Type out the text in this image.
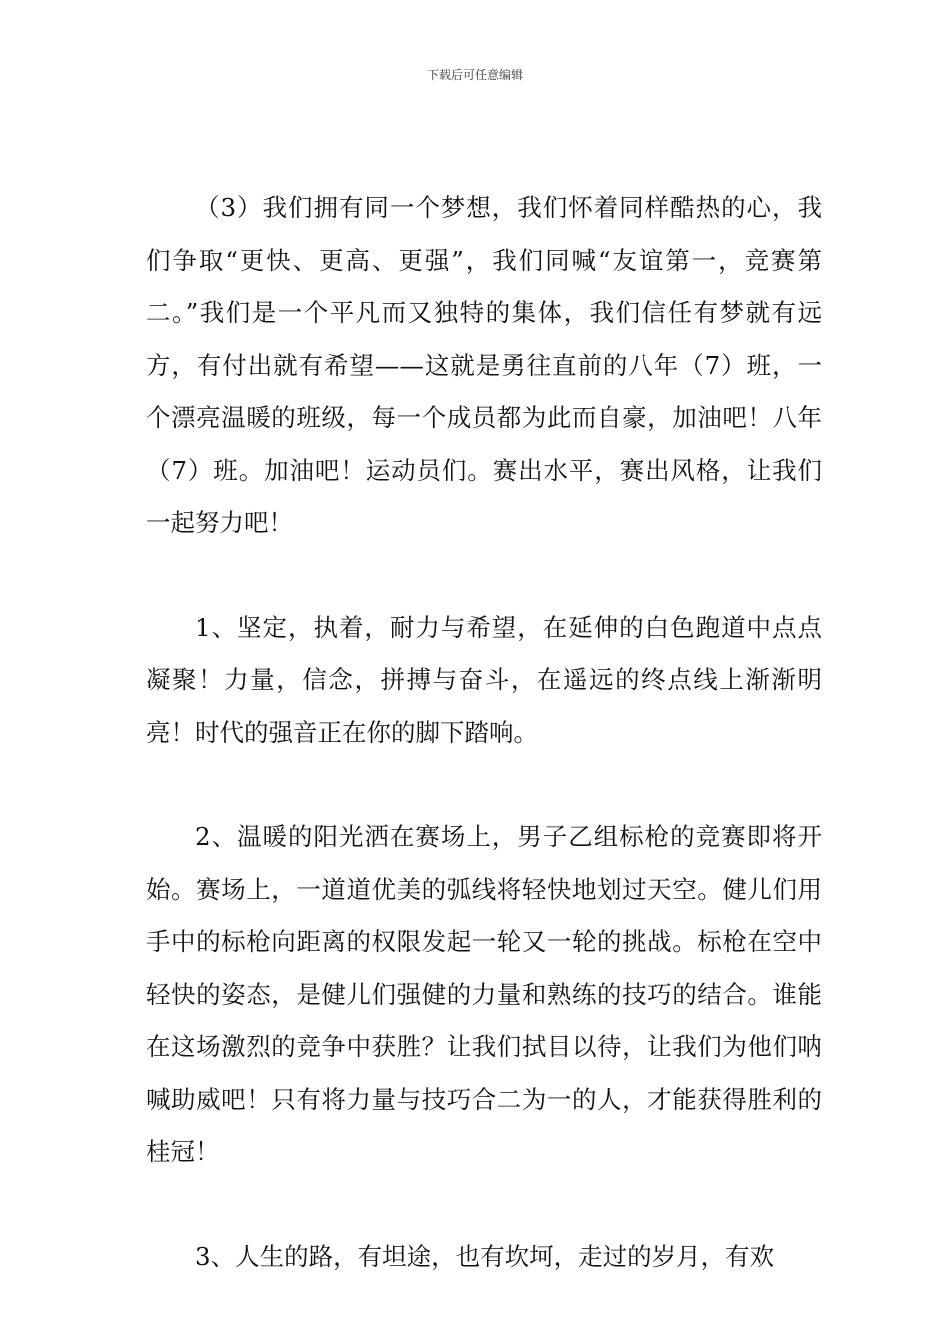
下载后可任意编辑

（3）我们拥有同一个梦想，我们怀着同样酷热的心，我们争取“更快、更高、更强”，我们同喊“友谊第一，竞赛第二。”我们是一个平凡而又独特的集体，我们信任有梦就有远方，有付出就有希望——这就是勇往直前的八年（7）班，一个漂亮温暖的班级，每一个成员都为此而自豪，加油吧！八年（7）班。加油吧！运动员们。赛出水平，赛出风格，让我们一起努力吧！

1、坚定，执着，耐力与希望，在延伸的白色跑道中点点凝聚！力量，信念，拼搏与奋斗，在遥远的终点线上渐渐明亮！时代的强音正在你的脚下踏响。

2、温暖的阳光洒在赛场上，男子乙组标枪的竞赛即将开始。赛场上，一道道优美的弧线将轻快地划过天空。健儿们用手中的标枪向距离的权限发起一轮又一轮的挑战。标枪在空中轻快的姿态，是健儿们强健的力量和熟练的技巧的结合。谁能在这场激烈的竞争中获胜？让我们拭目以待，让我们为他们呐喊助威吧！只有将力量与技巧合二为一的人，才能获得胜利的桂冠！

3、人生的路，有坦途，也有坎坷，走过的岁月，有欢
